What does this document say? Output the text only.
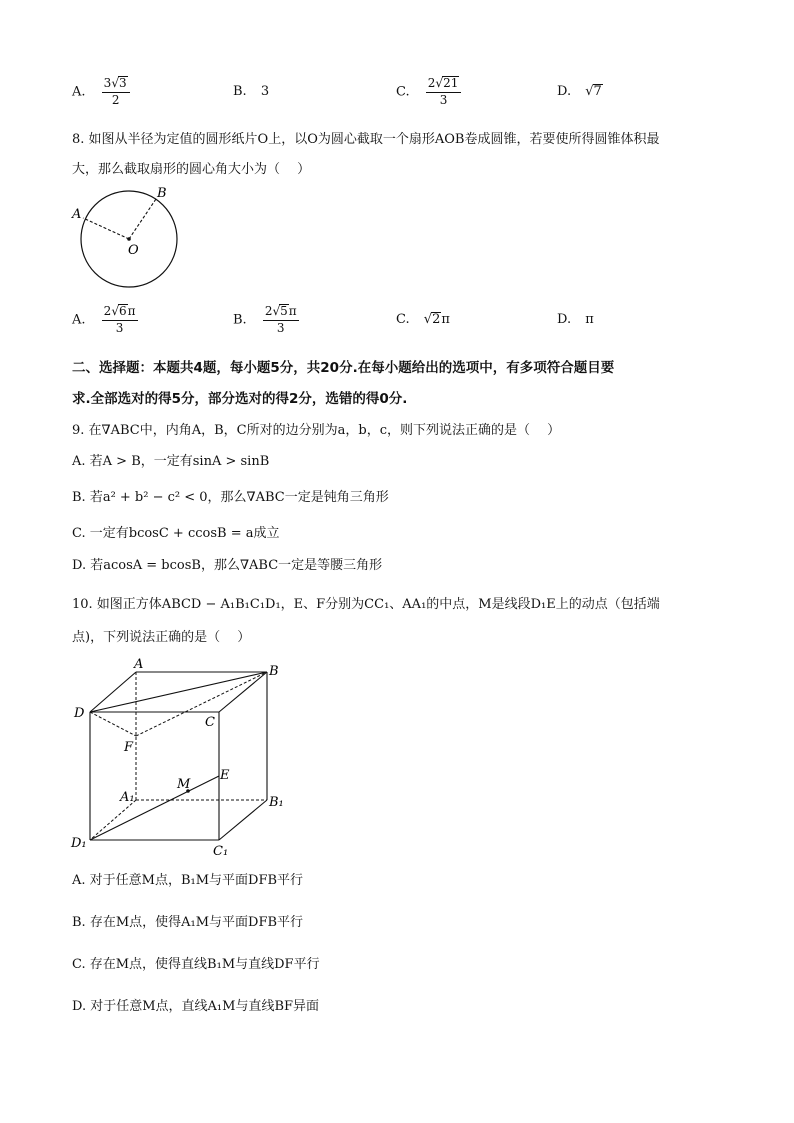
A. $\frac{3√3}{2}$	B. 3	C. $\frac{2√21}{3}$	D. √7
8. 如图从半径为定值的圆形纸片O上，以O为圆心截取一个扇形AOB卷成圆锥，若要使所得圆锥体积最
大，那么截取扇形的圆心角大小为（　 ）
A
B
O
A. $\frac{2√6\pi}{3}$	B. $\frac{2√5\pi}{3}$	C. √2π	D. π
二、选择题：本题共4题，每小题5分，共20分.在每小题给出的选项中，有多项符合题目要
求.全部选对的得5分，部分选对的得2分，选错的得0分.
9. 在∇ABC中，内角A，B，C所对的边分别为a，b，c，则下列说法正确的是（　 ）
A. 若A > B，一定有sinA > sinB
B. 若a² + b² − c² < 0，那么∇ABC一定是钝角三角形
C. 一定有bcosC + ccosB = a成立
D. 若acosA = bcosB，那么∇ABC一定是等腰三角形
10. 如图正方体ABCD − A₁B₁C₁D₁，E、F分别为CC₁、AA₁的中点，M是线段D₁E上的动点（包括端
点)，下列说法正确的是（　 ）
A	B
C
D
F
E
M
A₁	B₁
C₁
D₁
A. 对于任意M点，B₁M与平面DFB平行
B. 存在M点，使得A₁M与平面DFB平行
C. 存在M点，使得直线B₁M与直线DF平行
D. 对于任意M点，直线A₁M与直线BF异面
